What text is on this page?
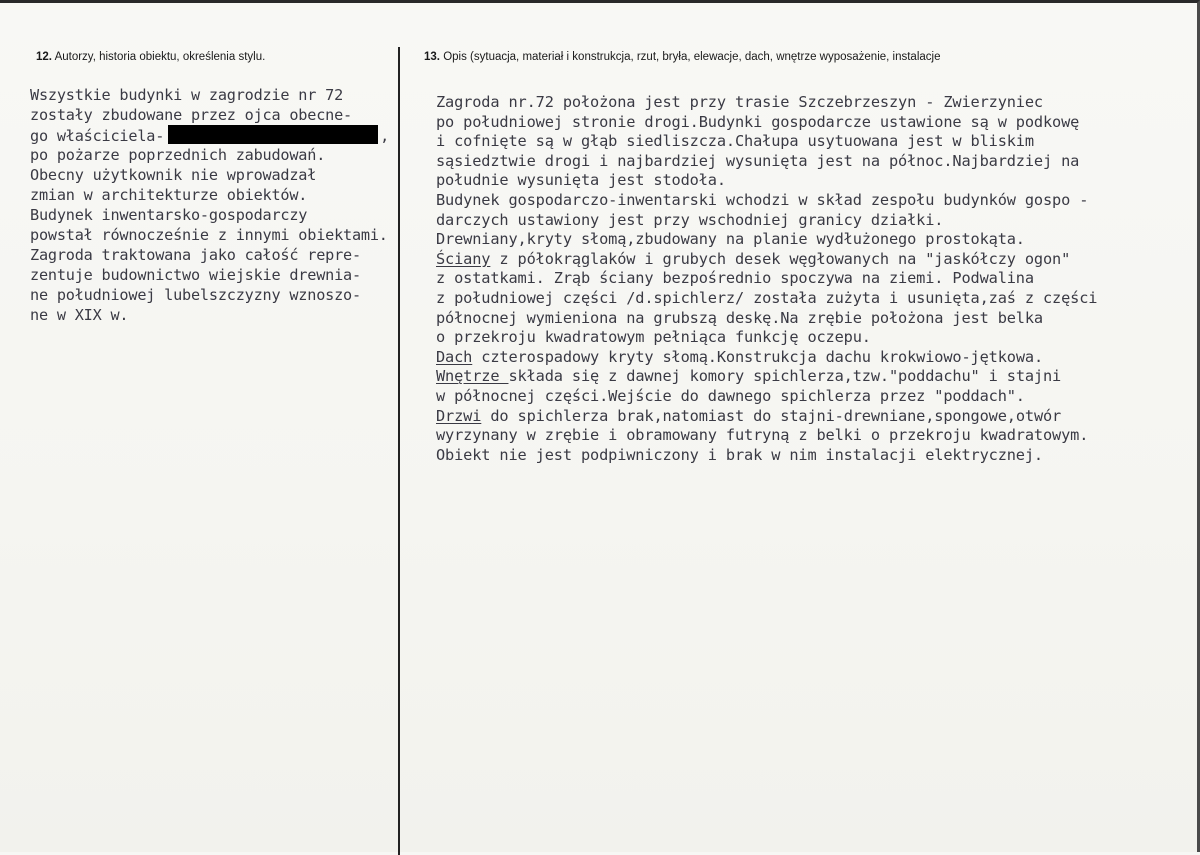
12. Autorzy, historia obiektu, określenia stylu.	13. Opis (sytuacja, materiał i konstrukcja, rzut, bryła, elewacje, dach, wnętrze wyposażenie, instalacje
Wszystkie budynki w zagrodzie nr 72
zostały zbudowane przez ojca obecne-
go właściciela-	,
po pożarze poprzednich zabudowań.
Obecny użytkownik nie wprowadzał
zmian w architekturze obiektów.
Budynek inwentarsko-gospodarczy
powstał równocześnie z innymi obiektami.
Zagroda traktowana jako całość repre-
zentuje budownictwo wiejskie drewnia-
ne południowej lubelszczyzny wznoszo-
ne w XIX w.
Zagroda nr.72 położona jest przy trasie Szczebrzeszyn - Zwierzyniec
po południowej stronie drogi.Budynki gospodarcze ustawione są w podkowę
i cofnięte są w głąb siedliszcza.Chałupa usytuowana jest w bliskim
sąsiedztwie drogi i najbardziej wysunięta jest na północ.Najbardziej na
południe wysunięta jest stodoła.
Budynek gospodarczo-inwentarski wchodzi w skład zespołu budynków gospo -
darczych ustawiony jest przy wschodniej granicy działki.
Drewniany,kryty słomą,zbudowany na planie wydłużonego prostokąta.
Ściany z półokrąglaków i grubych desek węgłowanych na "jaskółczy ogon"
z ostatkami. Zrąb ściany bezpośrednio spoczywa na ziemi. Podwalina
z południowej części /d.spichlerz/ została zużyta i usunięta,zaś z części
północnej wymieniona na grubszą deskę.Na zrębie położona jest belka
o przekroju kwadratowym pełniąca funkcję oczepu.
Dach czterospadowy kryty słomą.Konstrukcja dachu krokwiowo-jętkowa.
Wnętrze składa się z dawnej komory spichlerza,tzw."poddachu" i stajni
w północnej części.Wejście do dawnego spichlerza przez "poddach".
Drzwi do spichlerza brak,natomiast do stajni-drewniane,spongowe,otwór
wyrzynany w zrębie i obramowany futryną z belki o przekroju kwadratowym.
Obiekt nie jest podpiwniczony i brak w nim instalacji elektrycznej.
